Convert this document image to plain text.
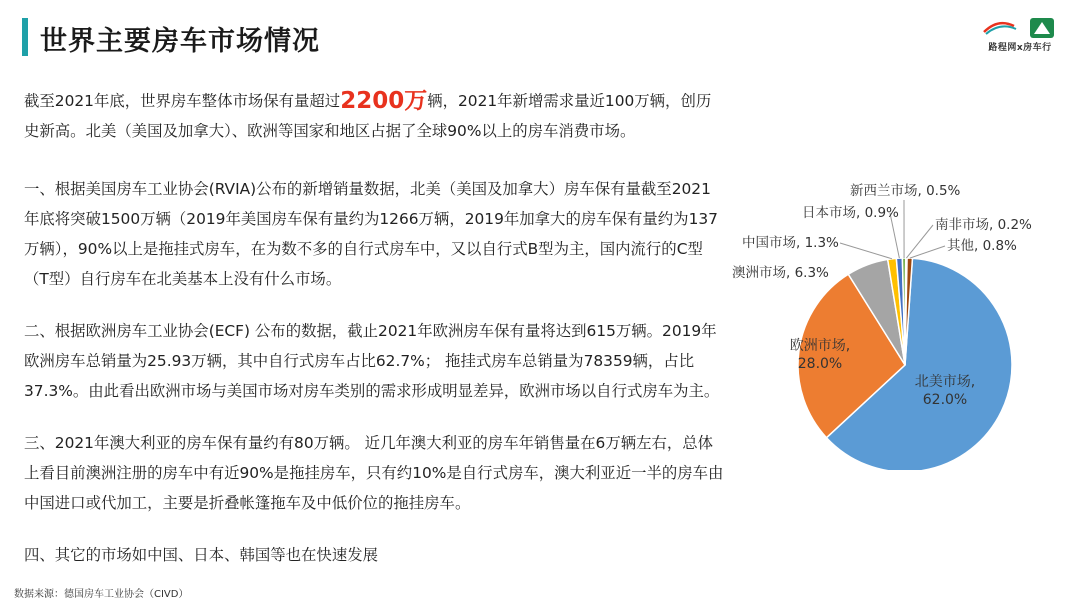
世界主要房车市场情况	路程网x房车行
截至2021年底，世界房车整体市场保有量超过2200万辆，2021年新增需求量近100万辆，创历史新高。北美（美国及加拿大）、欧洲等国家和地区占据了全球90%以上的房车消费市场。
一、根据美国房车工业协会(RVIA)公布的新增销量数据，北美（美国及加拿大）房车保有量截至2021年底将突破1500万辆（2019年美国房车保有量约为1266万辆，2019年加拿大的房车保有量约为137万辆），90%以上是拖挂式房车，在为数不多的自行式房车中，又以自行式B型为主，国内流行的C型（T型）自行房车在北美基本上没有什么市场。
二、根据欧洲房车工业协会(ECF) 公布的数据，截止2021年欧洲房车保有量将达到615万辆。2019年欧洲房车总销量为25.93万辆，其中自行式房车占比62.7%； 拖挂式房车总销量为78359辆，占比37.3%。由此看出欧洲市场与美国市场对房车类别的需求形成明显差异，欧洲市场以自行式房车为主。
三、2021年澳大利亚的房车保有量约有80万辆。 近几年澳大利亚的房车年销售量在6万辆左右，总体上看目前澳洲注册的房车中有近90%是拖挂房车，只有约10%是自行式房车，澳大利亚近一半的房车由中国进口或代加工，主要是折叠帐篷拖车及中低价位的拖挂房车。
四、其它的市场如中国、日本、韩国等也在快速发展
北美市场,
62.0%
欧洲市场,
28.0%
澳洲市场, 6.3%
中国市场, 1.3%
日本市场, 0.9%
新西兰市场, 0.5%
南非市场, 0.2%
其他, 0.8%
数据来源：德国房车工业协会（CIVD）
